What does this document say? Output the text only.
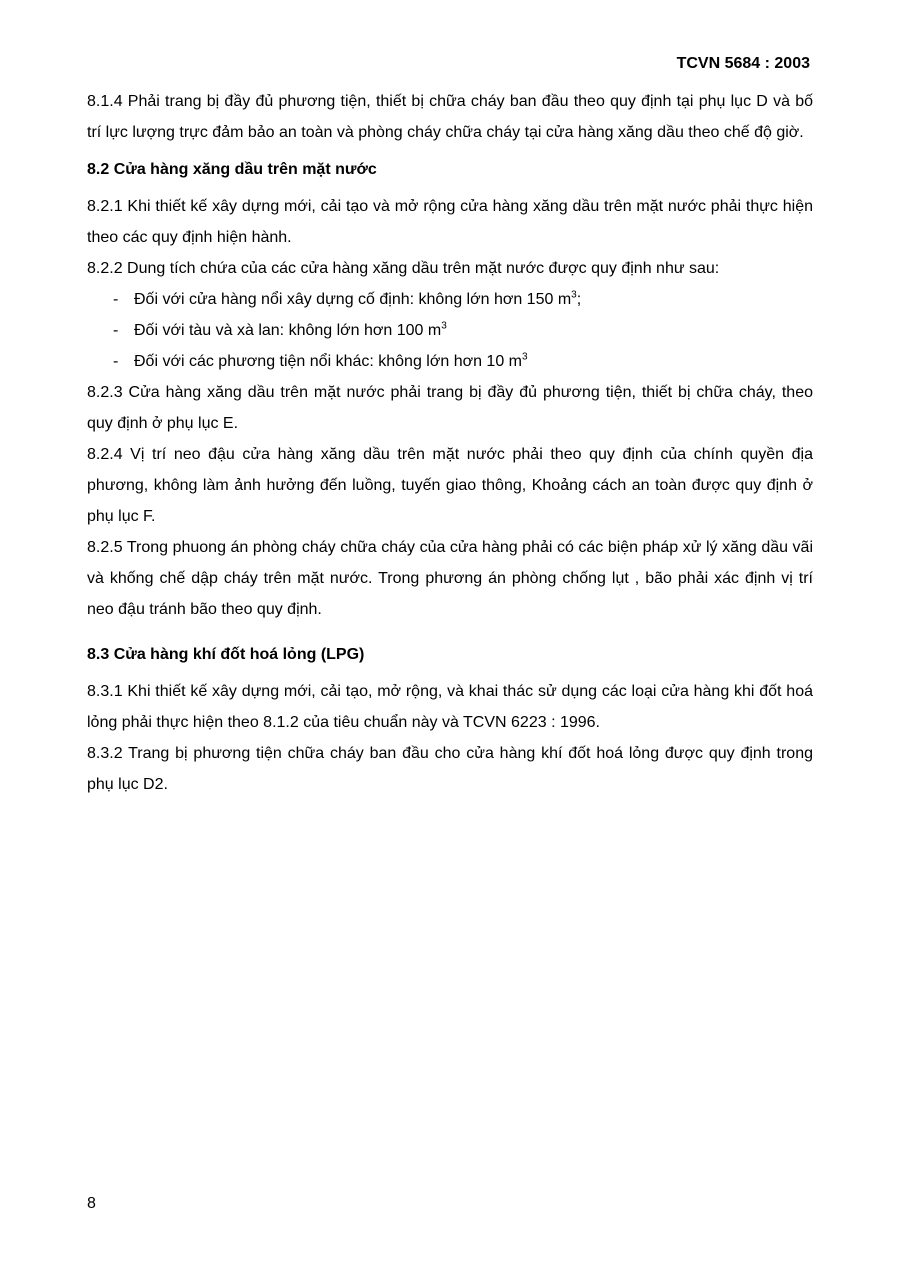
TCVN 5684 : 2003

8.1.4 Phải trang bị đầy đủ phương tiện, thiết bị chữa cháy ban đầu theo quy định tại phụ lục D và bố trí lực lượng trực đảm bảo an toàn và phòng cháy chữa cháy tại cửa hàng xăng dầu theo chế độ giờ.

8.2 Cửa hàng xăng dầu trên mặt nước

8.2.1 Khi thiết kế xây dựng mới, cải tạo và mở rộng cửa hàng xăng dầu trên mặt nước phải thực hiện theo các quy định hiện hành.

8.2.2 Dung tích chứa của các cửa hàng xăng dầu trên mặt nước được quy định như sau:

- Đối với cửa hàng nổi xây dựng cố định: không lớn hơn 150 $m^3$;
- Đối với tàu và xà lan: không lớn hơn 100 $m^3$
- Đối với các phương tiện nổi khác: không lớn hơn 10 $m^3$

8.2.3 Cửa hàng xăng dầu trên mặt nước phải trang bị đầy đủ phương tiện, thiết bị chữa cháy, theo quy định ở phụ lục E.

8.2.4 Vị trí neo đậu cửa hàng xăng dầu trên mặt nước phải theo quy định của chính quyền địa phương, không làm ảnh hưởng đến luồng, tuyến giao thông, Khoảng cách an toàn được quy định ở phụ lục F.

8.2.5 Trong phuong án phòng cháy chữa cháy của cửa hàng phải có các biện pháp xử lý xăng dầu vãi và khống chế dập cháy trên mặt nước. Trong phương án phòng chống lụt , bão phải xác định vị trí neo đậu tránh bão theo quy định.

8.3 Cửa hàng khí đốt hoá lỏng (LPG)

8.3.1 Khi thiết kế xây dựng mới, cải tạo, mở rộng, và khai thác sử dụng các loại cửa hàng khi đốt hoá lỏng phải thực hiện theo 8.1.2 của tiêu chuẩn này và TCVN 6223 : 1996.

8.3.2 Trang bị phương tiện chữa cháy ban đầu cho cửa hàng khí đốt hoá lỏng được quy định trong phụ lục D2.

8
